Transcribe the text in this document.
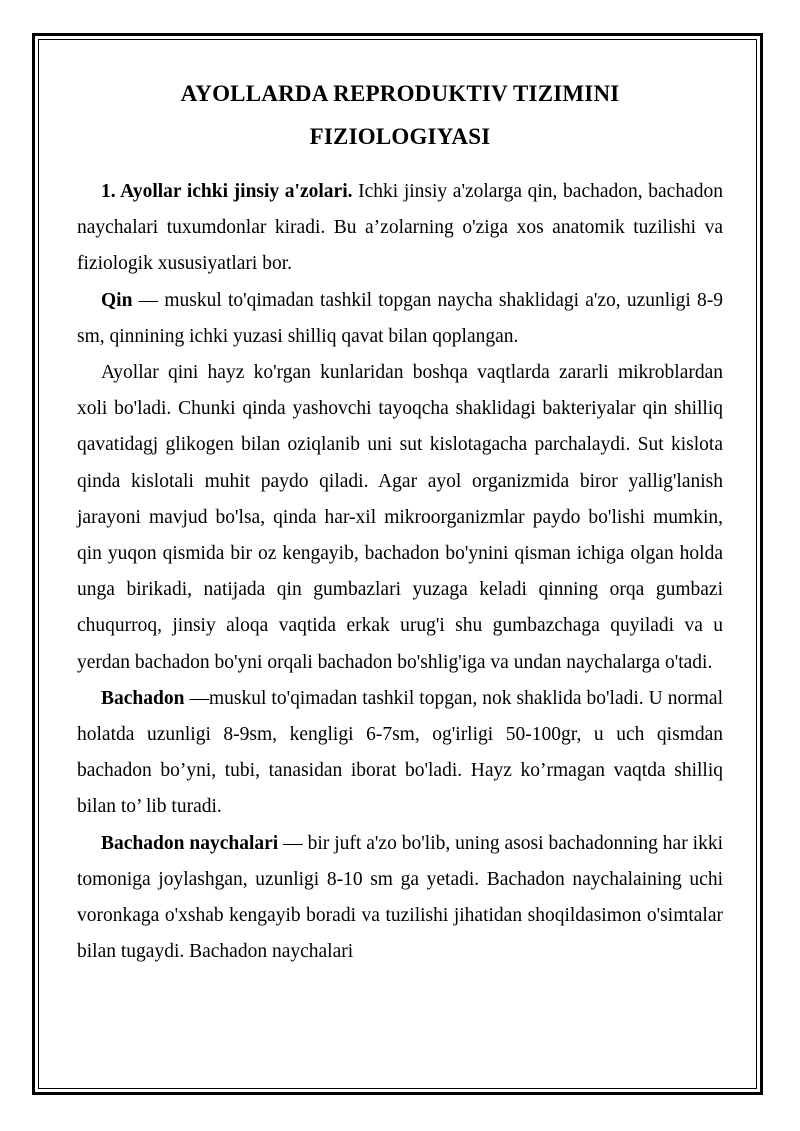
AYOLLARDA REPRODUKTIV TIZIMINI
FIZIOLOGIYASI

1. Ayollar ichki jinsiy a'zolari. Ichki jinsiy a'zolarga qin, bachadon, bachadon naychalari tuxumdonlar kiradi. Bu a’zolarning o'ziga xos anatomik tuzilishi va fiziologik xususiyatlari bor.

Qin — muskul to'qimadan tashkil topgan naycha shaklidagi a'zo, uzunligi 8-9 sm, qinnining ichki yuzasi shilliq qavat bilan qoplangan.

Ayollar qini hayz ko'rgan kunlaridan boshqa vaqtlarda zararli mikroblardan xoli bo'ladi. Chunki qinda yashovchi tayoqcha shaklidagi bakteriyalar qin shilliq qavatidagj glikogen bilan oziqlanib uni sut kislotagacha parchalaydi. Sut kislota qinda kislotali muhit paydo qiladi. Agar ayol organizmida biror yallig'lanish jarayoni mavjud bo'lsa, qinda har-xil mikroorganizmlar paydo bo'lishi mumkin, qin yuqon qismida bir oz kengayib, bachadon bo'ynini qisman ichiga olgan holda unga birikadi, natijada qin gumbazlari yuzaga keladi qinning orqa gumbazi chuqurroq, jinsiy aloqa vaqtida erkak urug'i shu gumbazchaga quyiladi va u yerdan bachadon bo'yni orqali bachadon bo'shlig'iga va undan naychalarga o'tadi.

Bachadon —muskul to'qimadan tashkil topgan, nok shaklida bo'ladi. U normal holatda uzunligi 8-9sm, kengligi 6-7sm, og'irligi 50-100gr, u uch qismdan bachadon bo’yni, tubi, tanasidan iborat bo'ladi. Hayz ko’rmagan vaqtda shilliq bilan to’ lib turadi.

Bachadon naychalari — bir juft a'zo bo'lib, uning asosi bachadonning har ikki tomoniga joylashgan, uzunligi 8-10 sm ga yetadi. Bachadon naychalaining uchi voronkaga o'xshab kengayib boradi va tuzilishi jihatidan shoqildasimon o'simtalar bilan tugaydi. Bachadon naychalari
